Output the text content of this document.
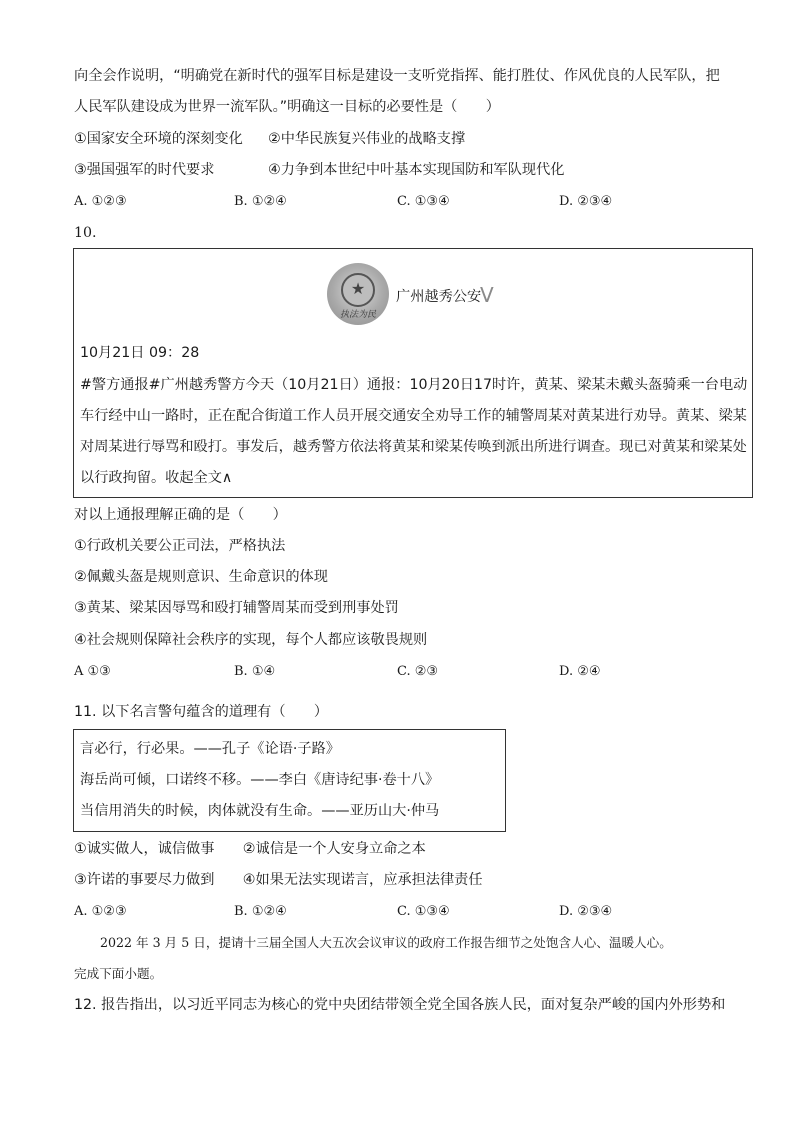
向全会作说明，“明确党在新时代的强军目标是建设一支听党指挥、能打胜仗、作风优良的人民军队，把
人民军队建设成为世界一流军队。”明确这一目标的必要性是（　　）
①国家安全环境的深刻变化 ②中华民族复兴伟业的战略支撑
③强国强军的时代要求	④力争到本世纪中叶基本实现国防和军队现代化
A. ①②③	B. ①②④	C. ①③④	D. ②③④
10.
★
执法为民
广州越秀公安
V
10月21日 09：28
#警方通报#广州越秀警方今天（10月21日）通报：10月20日17时许，黄某、梁某未戴头盔骑乘一台电动
车行经中山一路时，正在配合街道工作人员开展交通安全劝导工作的辅警周某对黄某进行劝导。黄某、梁某
对周某进行辱骂和殴打。事发后，越秀警方依法将黄某和梁某传唤到派出所进行调查。现已对黄某和梁某处
以行政拘留。收起全文∧
对以上通报理解正确的是（　　）
①行政机关要公正司法，严格执法
②佩戴头盔是规则意识、生命意识的体现
③黄某、梁某因辱骂和殴打辅警周某而受到刑事处罚
④社会规则保障社会秩序的实现，每个人都应该敬畏规则
A ①③	B. ①④	C. ②③	D. ②④
11. 以下名言警句蕴含的道理有（　　）
言必行，行必果。——孔子《论语·子路》
海岳尚可倾，口诺终不移。——李白《唐诗纪事·卷十八》
当信用消失的时候，肉体就没有生命。——亚历山大·仲马
①诚实做人，诚信做事　　②诚信是一个人安身立命之本
③许诺的事要尽力做到　　④如果无法实现诺言，应承担法律责任
A. ①②③	B. ①②④	C. ①③④	D. ②③④
2022 年 3 月 5 日，提请十三届全国人大五次会议审议的政府工作报告细节之处饱含人心、温暖人心。
完成下面小题。
12. 报告指出，以习近平同志为核心的党中央团结带领全党全国各族人民，面对复杂严峻的国内外形势和
